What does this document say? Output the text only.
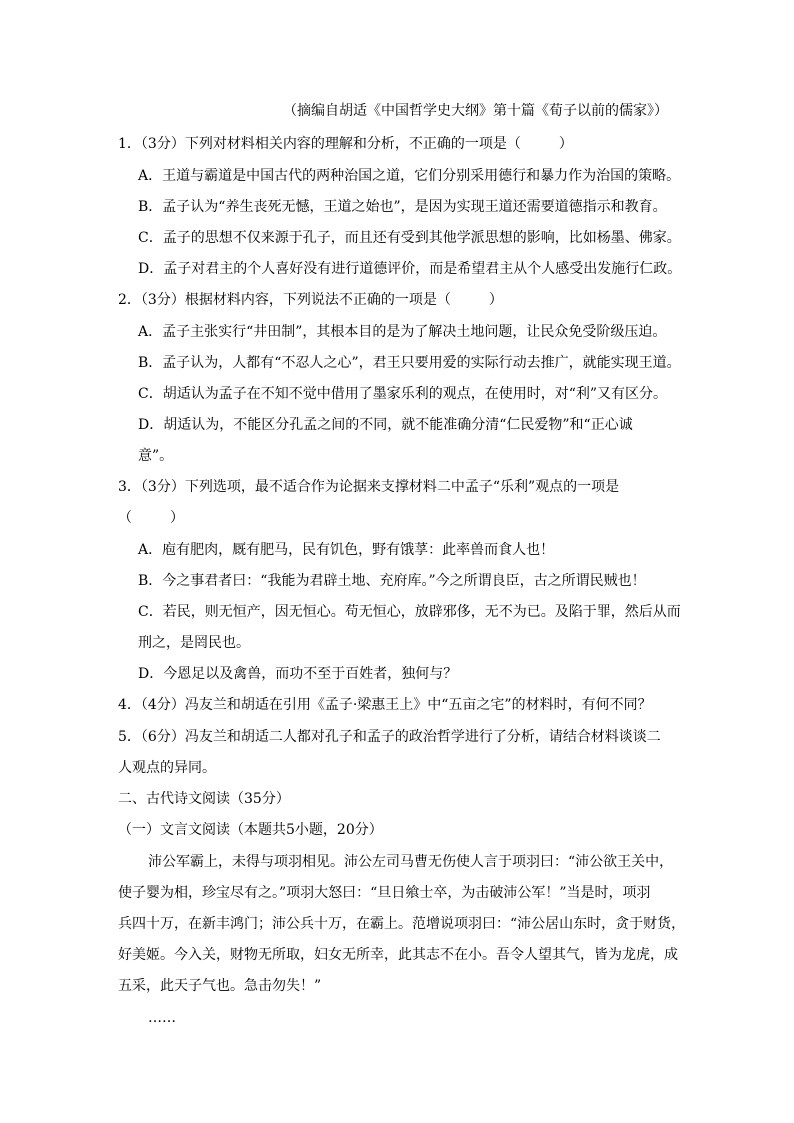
（摘编自胡适《中国哲学史大纲》第十篇《荀子以前的儒家》）

1．（3分）下列对材料相关内容的理解和分析，不正确的一项是（	）

A．王道与霸道是中国古代的两种治国之道，它们分别采用德行和暴力作为治国的策略。

B．孟子认为“养生丧死无憾，王道之始也”，是因为实现王道还需要道德指示和教育。

C．孟子的思想不仅来源于孔子，而且还有受到其他学派思想的影响，比如杨墨、佛家。

D．孟子对君主的个人喜好没有进行道德评价，而是希望君主从个人感受出发施行仁政。

2．（3分）根据材料内容，下列说法不正确的一项是（	）

A．孟子主张实行“井田制”，其根本目的是为了解决土地问题，让民众免受阶级压迫。

B．孟子认为，人都有“不忍人之心”，君王只要用爱的实际行动去推广，就能实现王道。

C．胡适认为孟子在不知不觉中借用了墨家乐利的观点，在使用时，对“利”又有区分。

D．胡适认为，不能区分孔孟之间的不同，就不能准确分清“仁民爱物”和“正心诚

意”。

3．（3分）下列选项，最不适合作为论据来支撑材料二中孟子“乐利”观点的一项是

（	）

A．庖有肥肉，厩有肥马，民有饥色，野有饿莩：此率兽而食人也！

B．今之事君者曰：“我能为君辟土地、充府库。”今之所谓良臣，古之所谓民贼也！

C．若民，则无恒产，因无恒心。苟无恒心，放辟邪侈，无不为已。及陷于罪，然后从而

刑之，是罔民也。

D．今恩足以及禽兽，而功不至于百姓者，独何与？

4．（4分）冯友兰和胡适在引用《孟子·梁惠王上》中“五亩之宅”的材料时，有何不同？

5．（6分）冯友兰和胡适二人都对孔子和孟子的政治哲学进行了分析，请结合材料谈谈二

人观点的异同。

二、古代诗文阅读（35分）

（一）文言文阅读（本题共5小题，20分）

沛公军霸上，未得与项羽相见。沛公左司马曹无伤使人言于项羽曰：“沛公欲王关中，

使子婴为相，珍宝尽有之。”项羽大怒曰：“旦日飨士卒，为击破沛公军！”当是时，项羽

兵四十万，在新丰鸿门；沛公兵十万，在霸上。范增说项羽曰：“沛公居山东时，贪于财货，

好美姬。今入关，财物无所取，妇女无所幸，此其志不在小。吾令人望其气，皆为龙虎，成

五采，此天子气也。急击勿失！”

……
